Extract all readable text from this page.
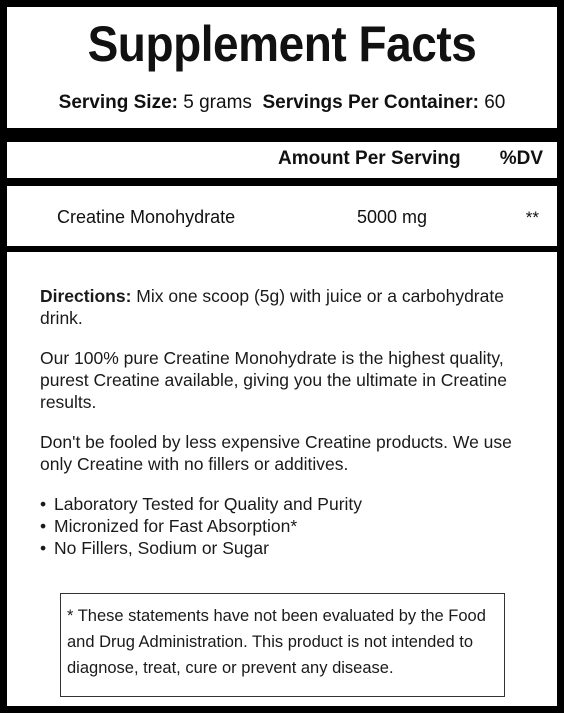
Supplement Facts
Serving Size: 5 grams Servings Per Container: 60
Amount Per Serving %DV
Creatine Monohydrate	5000 mg	**

Directions: Mix one scoop (5g) with juice or a carbohydrate drink.

Our 100% pure Creatine Monohydrate is the highest quality, purest Creatine available, giving you the ultimate in Creatine results.

Don't be fooled by less expensive Creatine products. We use only Creatine with no fillers or additives.

• Laboratory Tested for Quality and Purity
• Micronized for Fast Absorption*
• No Fillers, Sodium or Sugar
* These statements have not been evaluated by the Food and Drug Administration. This product is not intended to diagnose, treat, cure or prevent any disease.
